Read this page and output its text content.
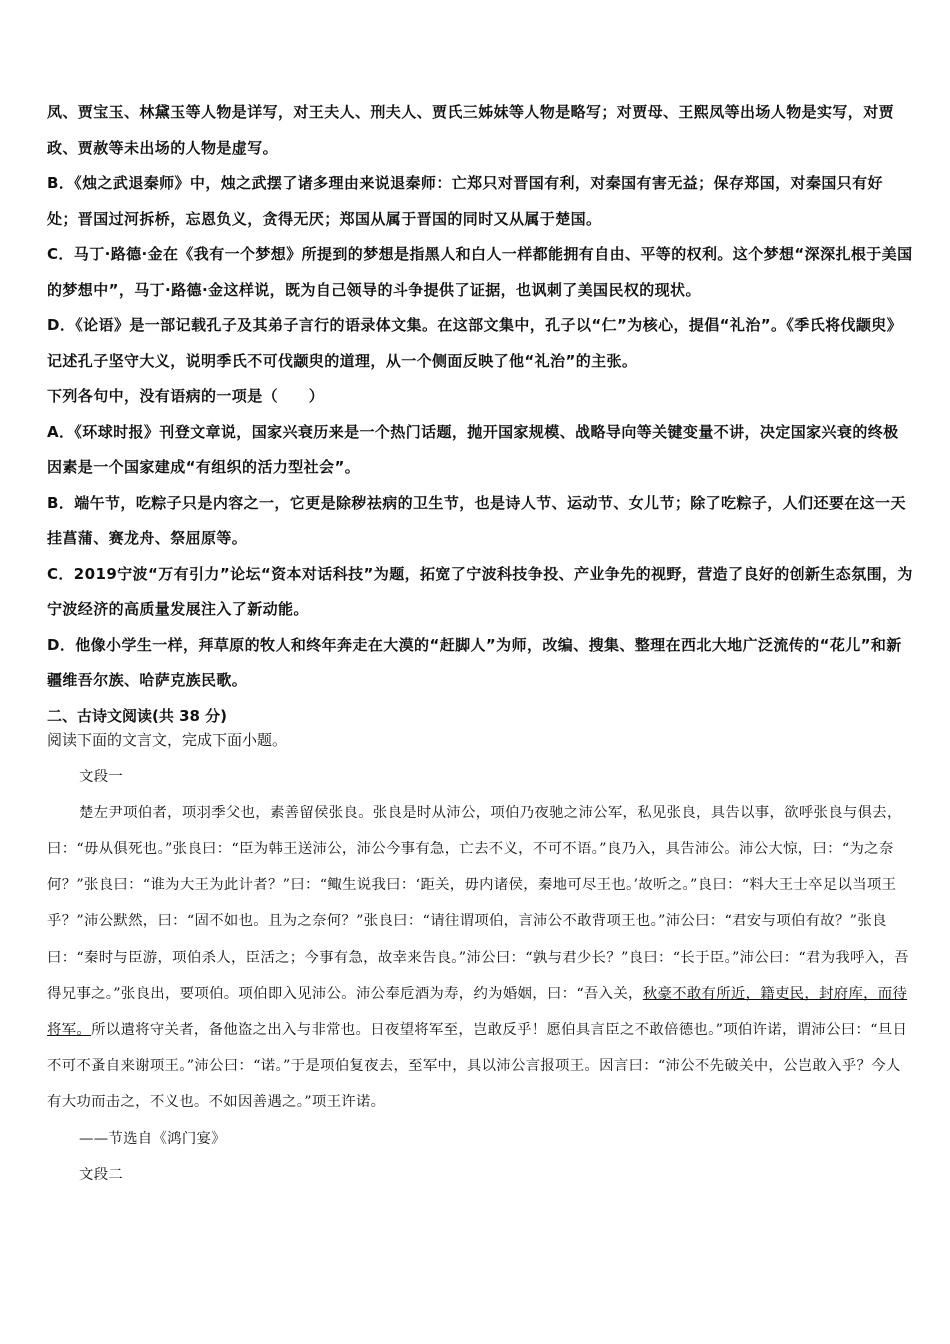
凤、贾宝玉、林黛玉等人物是详写，对王夫人、刑夫人、贾氏三姊妹等人物是略写；对贾母、王熙凤等出场人物是实写，对贾政、贾赦等未出场的人物是虚写。

B．《烛之武退秦师》中，烛之武摆了诸多理由来说退秦师：亡郑只对晋国有利，对秦国有害无益；保存郑国，对秦国只有好处；晋国过河拆桥，忘恩负义，贪得无厌；郑国从属于晋国的同时又从属于楚国。

C．马丁·路德·金在《我有一个梦想》所提到的梦想是指黑人和白人一样都能拥有自由、平等的权利。这个梦想“深深扎根于美国的梦想中”，马丁·路德·金这样说，既为自己领导的斗争提供了证据，也讽刺了美国民权的现状。

D．《论语》是一部记载孔子及其弟子言行的语录体文集。在这部文集中，孔子以“仁”为核心，提倡“礼治”。《季氏将伐颛臾》记述孔子坚守大义，说明季氏不可伐颛臾的道理，从一个侧面反映了他“礼治”的主张。

下列各句中，没有语病的一项是（　　）

A．《环球时报》刊登文章说，国家兴衰历来是一个热门话题，抛开国家规模、战略导向等关键变量不讲，决定国家兴衰的终极因素是一个国家建成“有组织的活力型社会”。

B．端午节，吃粽子只是内容之一，它更是除秽祛病的卫生节，也是诗人节、运动节、女儿节；除了吃粽子，人们还要在这一天挂菖蒲、赛龙舟、祭屈原等。

C．2019宁波“万有引力”论坛“资本对话科技”为题，拓宽了宁波科技争投、产业争先的视野，营造了良好的创新生态氛围，为宁波经济的高质量发展注入了新动能。

D．他像小学生一样，拜草原的牧人和终年奔走在大漠的“赶脚人”为师，改编、搜集、整理在西北大地广泛流传的“花儿”和新疆维吾尔族、哈萨克族民歌。

二、古诗文阅读(共 38 分)

阅读下面的文言文，完成下面小题。

文段一

楚左尹项伯者，项羽季父也，素善留侯张良。张良是时从沛公，项伯乃夜驰之沛公军，私见张良，具告以事，欲呼张良与俱去，曰：“毋从俱死也。”张良曰：“臣为韩王送沛公，沛公今事有急，亡去不义，不可不语。”良乃入，具告沛公。沛公大惊，曰：“为之奈何？”张良曰：“谁为大王为此计者？”曰：“鲰生说我曰：‘距关，毋内诸侯，秦地可尽王也。’故听之。”良曰：“料大王士卒足以当项王乎？”沛公默然，曰：“固不如也。且为之奈何？”张良曰：“请往谓项伯，言沛公不敢背项王也。”沛公曰：“君安与项伯有故？”张良曰：“秦时与臣游，项伯杀人，臣活之；今事有急，故幸来告良。”沛公曰：“孰与君少长？”良曰：“长于臣。”沛公曰：“君为我呼入，吾得兄事之。”张良出，要项伯。项伯即入见沛公。沛公奉卮酒为寿，约为婚姻，曰：“吾入关，秋豪不敢有所近，籍吏民，封府库，而待将军。所以遣将守关者，备他盗之出入与非常也。日夜望将军至，岂敢反乎！愿伯具言臣之不敢倍德也。”项伯许诺，谓沛公曰：“旦日不可不蚤自来谢项王。”沛公曰：“诺。”于是项伯复夜去，至军中，具以沛公言报项王。因言曰：“沛公不先破关中，公岂敢入乎？今人有大功而击之，不义也。不如因善遇之。”项王许诺。

——节选自《鸿门宴》

文段二
